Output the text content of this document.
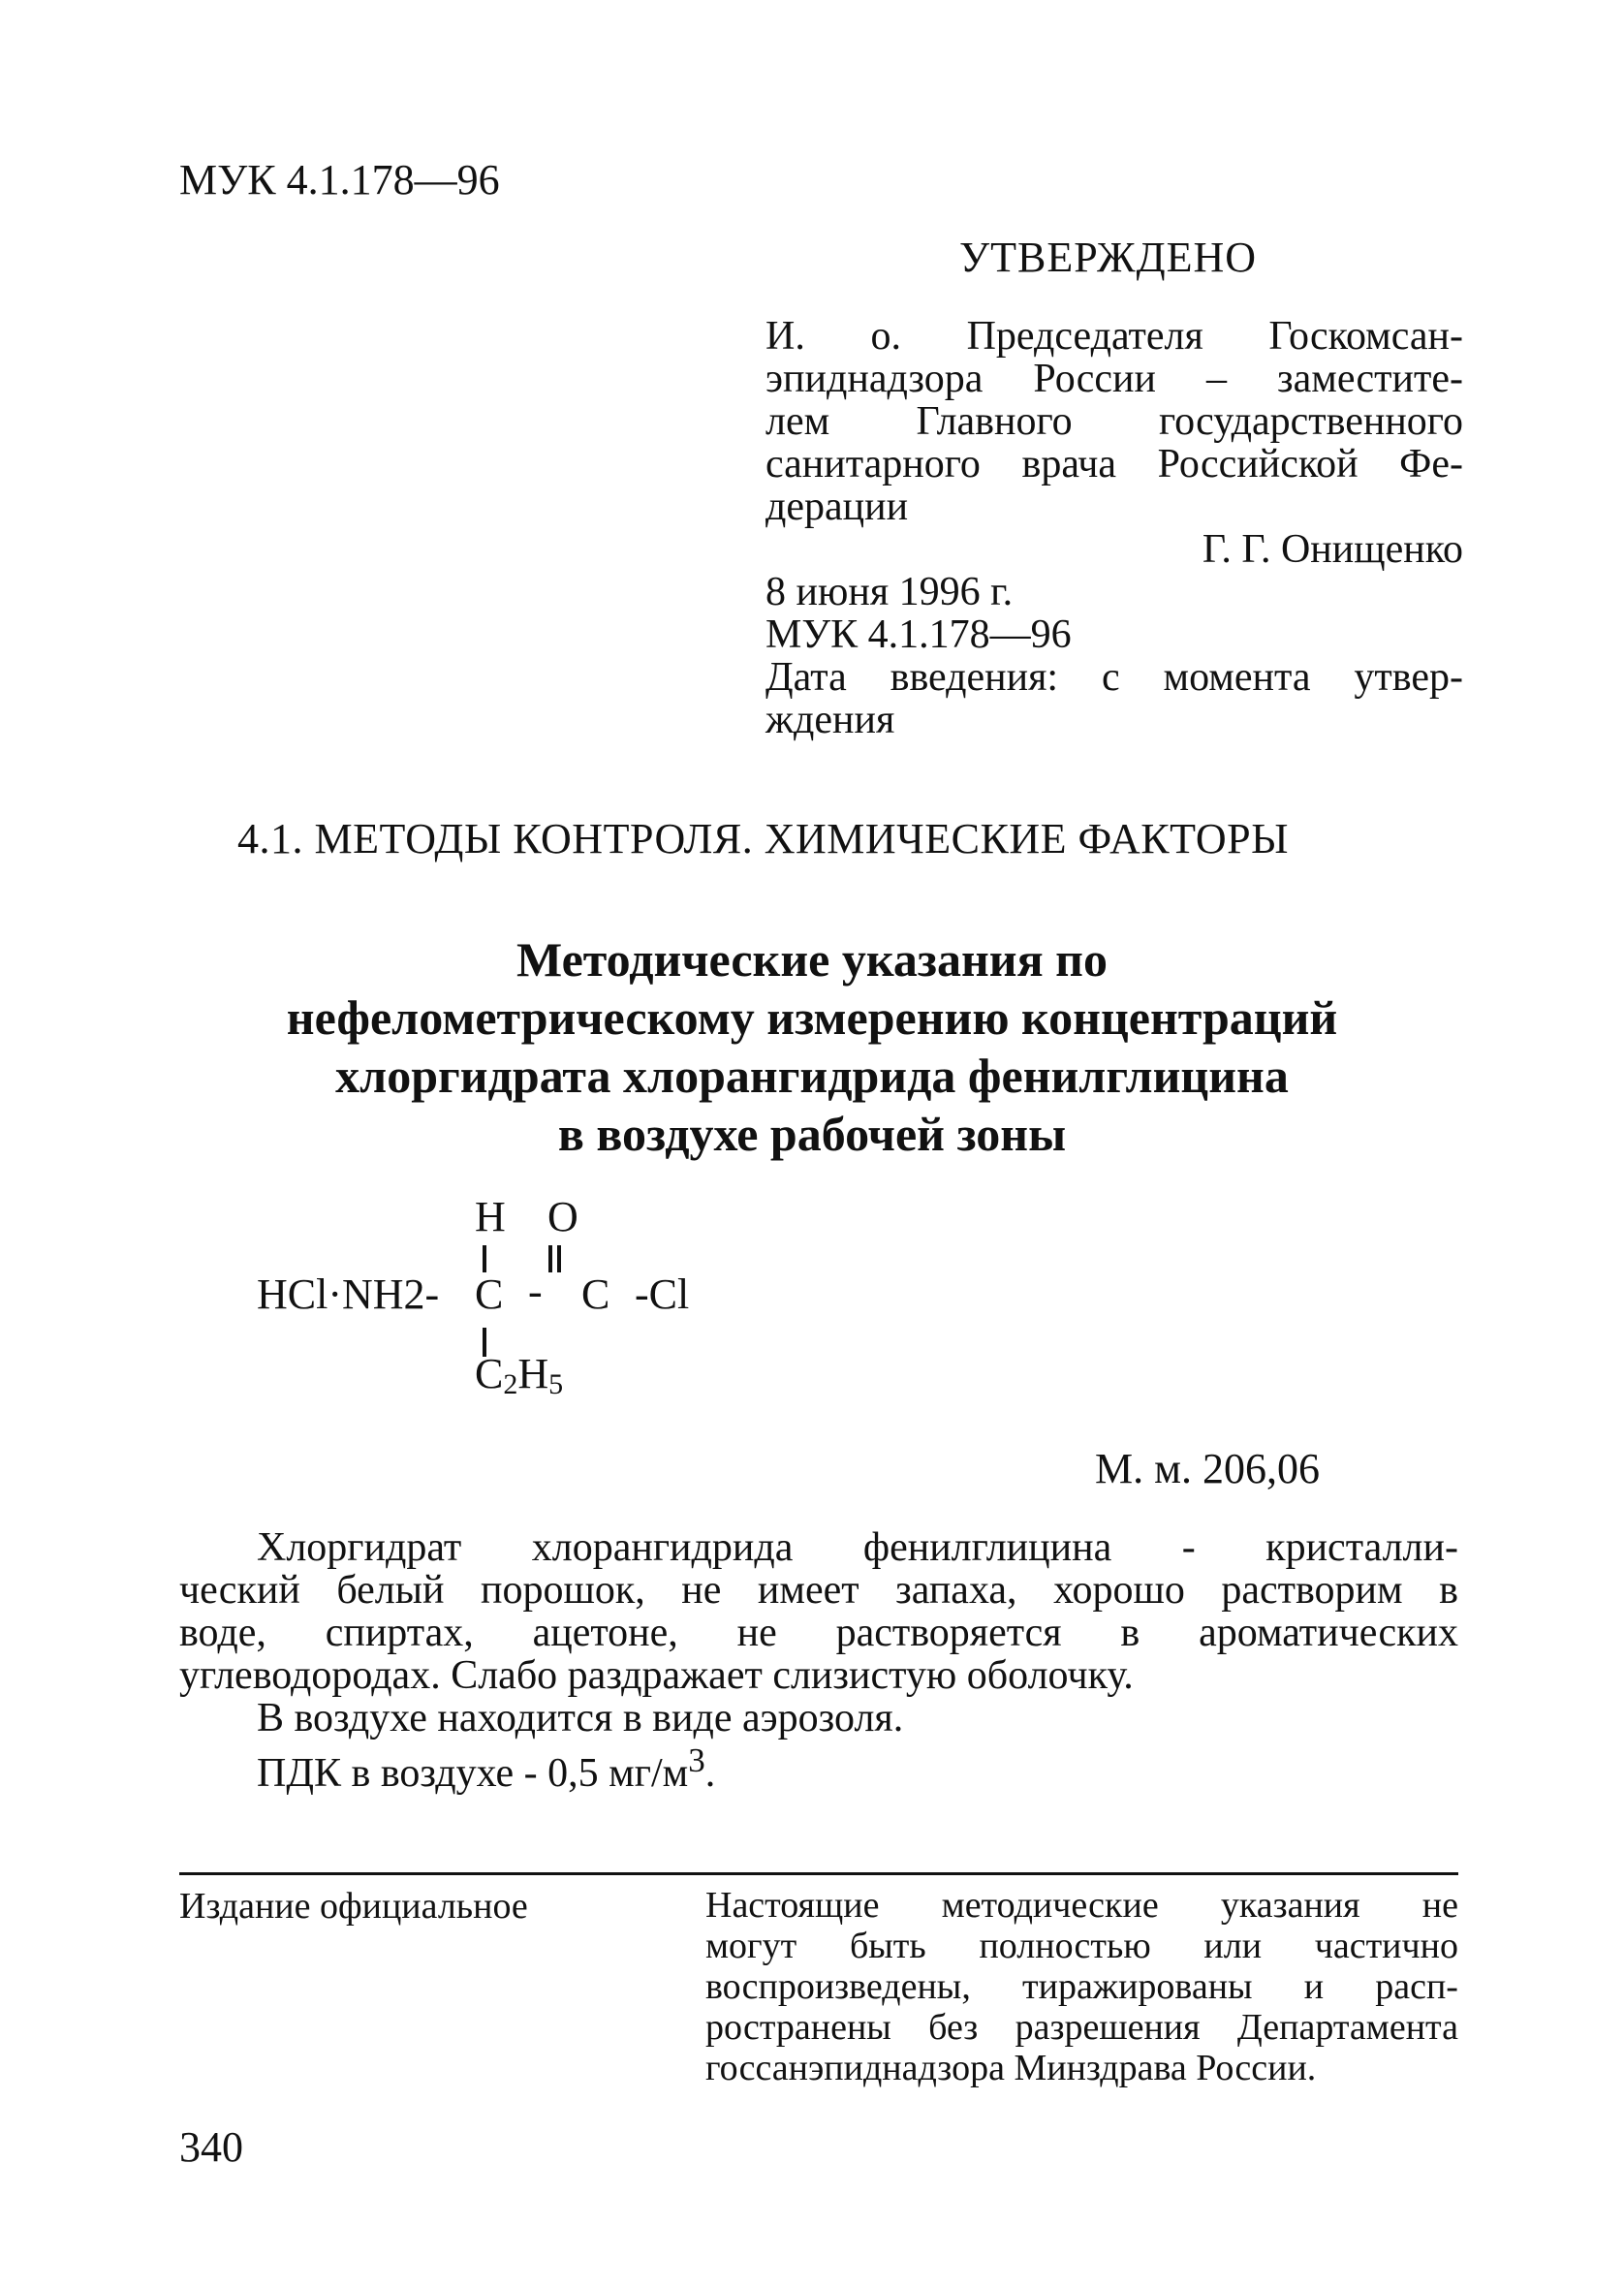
МУК 4.1.178—96
УТВЕРЖДЕНО
И. о. Председателя Госкомсан-
эпиднадзора России – заместите-
лем Главного государственного
санитарного врача Российской Фе-
дерации
Г. Г. Онищенко
8 июня 1996 г.
МУК 4.1.178—96
Дата введения: с момента утвер-
ждения
4.1. МЕТОДЫ КОНТРОЛЯ. ХИМИЧЕСКИЕ ФАКТОРЫ
Методические указания по
нефелометрическому измерению концентраций
хлоргидрата хлорангидрида фенилглицина
в воздухе рабочей зоны
H O
HCl·NH2- C - C -Cl
$C_2H_5$
М. м. 206,06
Хлоргидрат хлорангидрида фенилглицина - кристалли-
ческий белый порошок, не имеет запаха, хорошо растворим в
воде, спиртах, ацетоне, не растворяется в ароматических
углеводородах. Слабо раздражает слизистую оболочку.
В воздухе находится в виде аэрозоля.
ПДК в воздухе - 0,5 $мг/м^3$.
Издание официальное	Настоящие методические указания не
могут быть полностью или частично
воспроизведены, тиражированы и расп-
ространены без разрешения Департамента
госсанэпиднадзора Минздрава России.
340
